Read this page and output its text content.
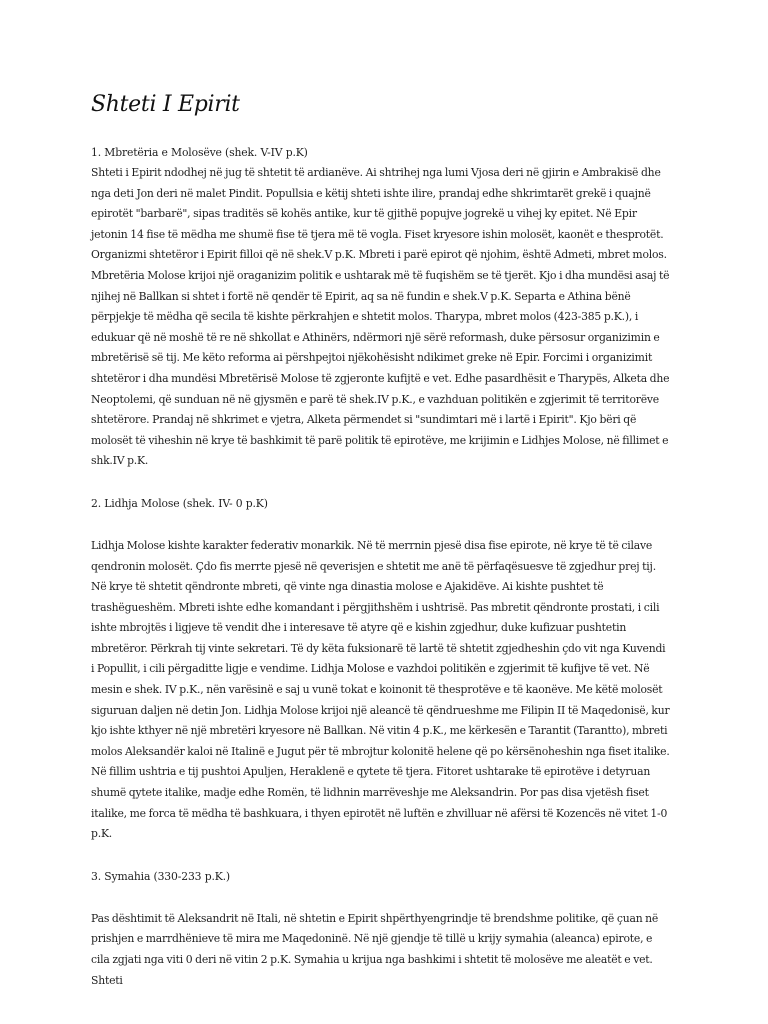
Shteti I Epirit
1. Mbretëria e Molosëve (shek. V-IV p.K)

Shteti i Epirit ndodhej në jug të shtetit të ardianëve. Ai shtrihej nga lumi Vjosa deri në gjirin e Ambrakisë dhe nga deti Jon deri në malet Pindit. Popullsia e këtij shteti ishte ilire, prandaj edhe shkrimtarët grekë i quajnë epirotët "barbarë", sipas traditës së kohës antike, kur të gjithë popujve jogrekë u vihej ky epitet. Në Epir jetonin 14 fise të mëdha me shumë fise të tjera më të vogla. Fiset kryesore ishin molosët, kaonët e thesprotët. Organizmi shtetëror i Epirit filloi që në shek.V p.K. Mbreti i parë epirot që njohim, është Admeti, mbret molos. Mbretëria Molose krijoi një oraganizim politik e ushtarak më të fuqishëm se të tjerët. Kjo i dha mundësi asaj të njihej në Ballkan si shtet i fortë në qendër të Epirit, aq sa në fundin e shek.V p.K. Separta e Athina bënë përpjekje të mëdha që secila të kishte përkrahjen e shtetit molos. Tharypa, mbret molos (423-385 p.K.), i edukuar që në moshë të re në shkollat e Athinërs, ndërmori një sërë reformash, duke përsosur organizimin e mbretërisë së tij. Me këto reforma ai përshpejtoi njëkohësisht ndikimet greke në Epir. Forcimi i organizimit shtetëror i dha mundësi Mbretërisë Molose të zgjeronte kufijtë e vet. Edhe pasardhësit e Tharypës, Alketa dhe Neoptolemi, që sunduan në në gjysmën e parë të shek.IV p.K., e vazhduan politikën e zgjerimit të territorëve shtetërore. Prandaj në shkrimet e vjetra, Alketa përmendet si "sundimtari më i lartë i Epirit". Kjo bëri që molosët të viheshin në krye të bashkimit të parë politik të epirotëve, me krijimin e Lidhjes Molose, në fillimet e shk.IV p.K.

2. Lidhja Molose (shek. IV- 0 p.K)

Lidhja Molose kishte karakter federativ monarkik. Në të merrnin pjesë disa fise epirote, në krye të të cilave qendronin molosët. Çdo fis merrte pjesë në qeverisjen e shtetit me anë të përfaqësuesve të zgjedhur prej tij. Në krye të shtetit qëndronte mbreti, që vinte nga dinastia molose e Ajakidëve. Ai kishte pushtet të trashëgueshëm. Mbreti ishte edhe komandant i përgjithshëm i ushtrisë. Pas mbretit qëndronte prostati, i cili ishte mbrojtës i ligjeve të vendit dhe i interesave të atyre që e kishin zgjedhur, duke kufizuar pushtetin mbretëror. Përkrah tij vinte sekretari. Të dy këta fuksionarë të lartë të shtetit zgjedheshin çdo vit nga Kuvendi i Popullit, i cili përgaditte ligje e vendime. Lidhja Molose e vazhdoi politikën e zgjerimit të kufijve të vet. Në mesin e shek. IV p.K., nën varësinë e saj u vunë tokat e koinonit të thesprotëve e të kaonëve. Me këtë molosët siguruan daljen në detin Jon. Lidhja Molose krijoi një aleancë të qëndrueshme me Filipin II të Maqedonisë, kur kjo ishte kthyer në një mbretëri kryesore në Ballkan. Në vitin 4 p.K., me kërkesën e Tarantit (Tarantto), mbreti molos Aleksandër kaloi në Italinë e Jugut për të mbrojtur kolonitë helene që po kërsënoheshin nga fiset italike. Në fillim ushtria e tij pushtoi Apuljen, Heraklenë e qytete të tjera. Fitoret ushtarake të epirotëve i detyruan shumë qytete italike, madje edhe Romën, të lidhnin marrëveshje me Aleksandrin. Por pas disa vjetësh fiset italike, me forca të mëdha të bashkuara, i thyen epirotët në luftën e zhvilluar në afërsi të Kozencës në vitet 1-0 p.K.

3. Symahia (330-233 p.K.)

Pas dështimit të Aleksandrit në Itali, në shtetin e Epirit shpërthyengrindje të brendshme politike, që çuan në prishjen e marrdhënieve të mira me Maqedoninë. Në një gjendje të tillë u krijу symahia (aleanca) epirote, e cila zgjati nga viti 0 deri në vitin 2 p.K. Symahia u krijua nga bashkimi i shtetit të molosëve me aleatët e vet. Shteti
